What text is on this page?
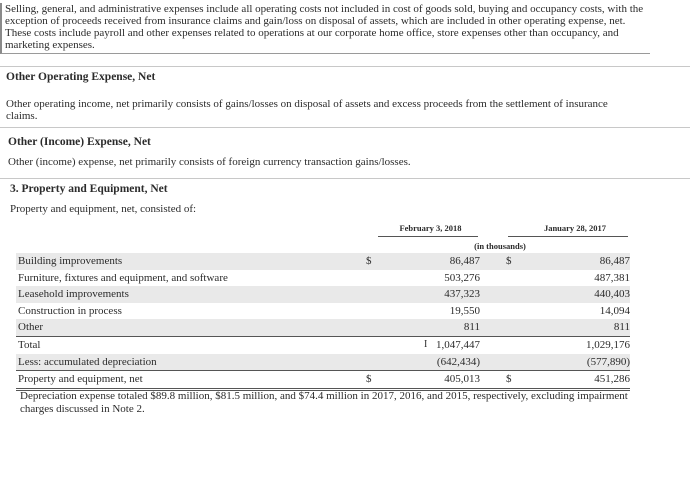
Selling, general, and administrative expenses include all operating costs not included in cost of goods sold, buying and occupancy costs, with the exception of proceeds received from insurance claims and gain/loss on disposal of assets, which are included in other operating expense, net. These costs include payroll and other expenses related to operations at our corporate home office, store expenses other than occupancy, and marketing expenses.
Other Operating Expense, Net
Other operating income, net primarily consists of gains/losses on disposal of assets and excess proceeds from the settlement of insurance claims.
Other (Income) Expense, Net
Other (income) expense, net primarily consists of foreign currency transaction gains/losses.
3. Property and Equipment, Net
Property and equipment, net, consisted of:
February 3, 2018	January 28, 2017
(in thousands)
Building improvements	$	86,487 $	86,487
Furniture, fixtures and equipment, and software	503,276	487,381
Leasehold improvements	437,323	440,403
Construction in process	19,550	14,094
Other	811	811
Total	I 1,047,447	1,029,176
Less: accumulated depreciation	(642,434)	(577,890)
Property and equipment, net	$	405,013 $	451,286
Depreciation expense totaled $89.8 million, $81.5 million, and $74.4 million in 2017, 2016, and 2015, respectively, excluding impairment charges discussed in Note 2.
